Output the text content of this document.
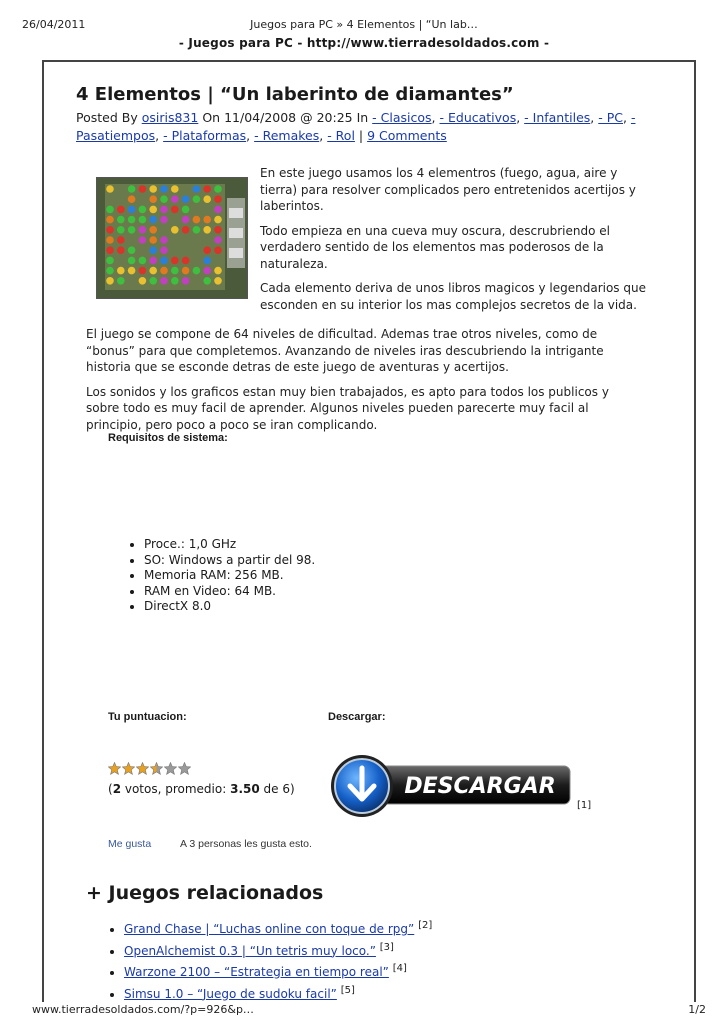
26/04/2011	Juegos para PC » 4 Elementos | “Un lab…
- Juegos para PC - http://www.tierradesoldados.com -
4 Elementos | “Un laberinto de diamantes”
Posted By osiris831 On 11/04/2008 @ 20:25 In - Clasicos, - Educativos, - Infantiles, - PC, - Pasatiempos, - Plataformas, - Remakes, - Rol | 9 Comments

En este juego usamos los 4 elementros (fuego, agua, aire y tierra) para resolver complicados pero entretenidos acertijos y laberintos.

Todo empieza en una cueva muy oscura, descrubriendo el verdadero sentido de los elementos mas poderosos de la naturaleza.

Cada elemento deriva de unos libros magicos y legendarios que esconden en su interior los mas complejos secretos de la vida.

El juego se compone de 64 niveles de dificultad. Ademas trae otros niveles, como de “bonus” para que completemos. Avanzando de niveles iras descubriendo la intrigante historia que se esconde detras de este juego de aventuras y acertijos.

Los sonidos y los graficos estan muy bien trabajados, es apto para todos los publicos y sobre todo es muy facil de aprender. Algunos niveles pueden parecerte muy facil al principio, pero poco a poco se iran complicando.

Requisitos de sistema:
• Proce.: 1,0 GHz
• SO: Windows a partir del 98.
• Memoria RAM: 256 MB.
• RAM en Video: 64 MB.
• DirectX 8.0
Tu puntuacion:	Descargar:
(2 votos, promedio: 3.50 de 6)	DESCARGAR
[1]
Me gusta	A 3 personas les gusta esto.
+ Juegos relacionados
• Grand Chase | “Luchas online con toque de rpg” [2]
• OpenAlchemist 0.3 | “Un tetris muy loco.” [3]
• Warzone 2100 – “Estrategia en tiempo real” [4]
• Simsu 1.0 – “Juego de sudoku facil” [5]
www.tierradesoldados.com/?p=926&p…	1/2
